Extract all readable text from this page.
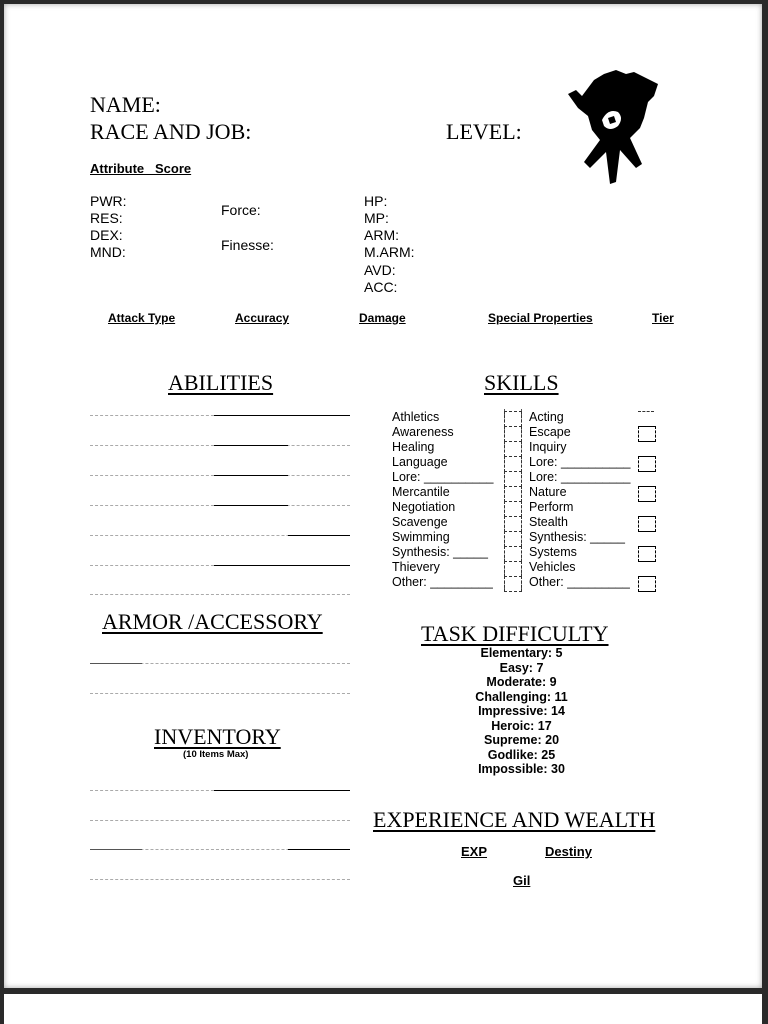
NAME:
RACE AND JOB:	LEVEL:
Attribute   Score
PWR:
RES:
DEX:
MND:
Force:
Finesse:
HP:
MP:
ARM:
M.ARM:
AVD:
ACC:
Attack Type	Accuracy	Damage	Special Properties	Tier
ABILITIES	SKILLS
Athletics
Awareness
Healing
Language
Lore: __________
Mercantile
Negotiation
Scavenge
Swimming
Synthesis: _____
Thievery
Other: _________
Acting
Escape
Inquiry
Lore: __________
Lore: __________
Nature
Perform
Stealth
Synthesis: _____
Systems
Vehicles
Other: _________
ARMOR /ACCESSORY
INVENTORY
(10 Items Max)
TASK DIFFICULTY
Elementary: 5
Easy: 7
Moderate: 9
Challenging: 11
Impressive: 14
Heroic: 17
Supreme: 20
Godlike: 25
Impossible: 30
EXPERIENCE AND WEALTH
EXP	Destiny
Gil
